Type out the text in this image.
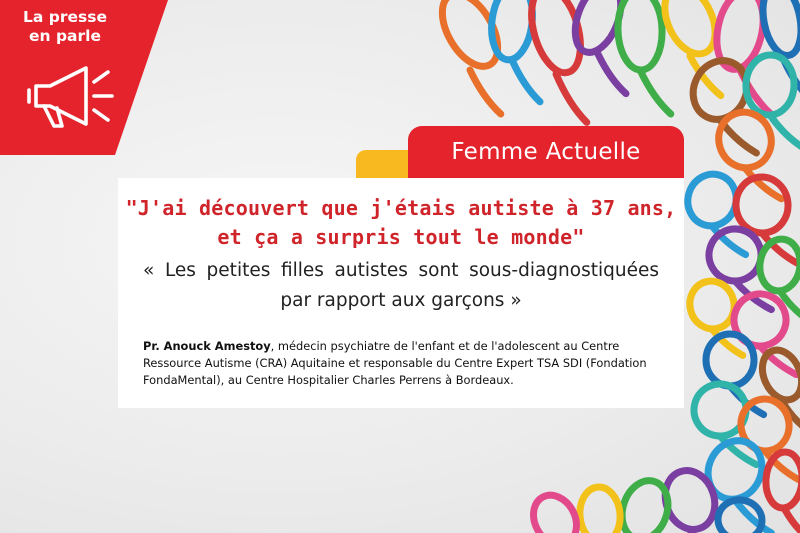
La presse en parle
Femme Actuelle
"J'ai découvert que j'étais autiste à 37 ans, et ça a surpris tout le monde"
« Les petites filles autistes sont sous-diagnostiquées par rapport aux garçons »
Pr. Anouck Amestoy, médecin psychiatre de l'enfant et de l'adolescent au Centre Ressource Autisme (CRA) Aquitaine et responsable du Centre Expert TSA SDI (Fondation FondaMental), au Centre Hospitalier Charles Perrens à Bordeaux.
